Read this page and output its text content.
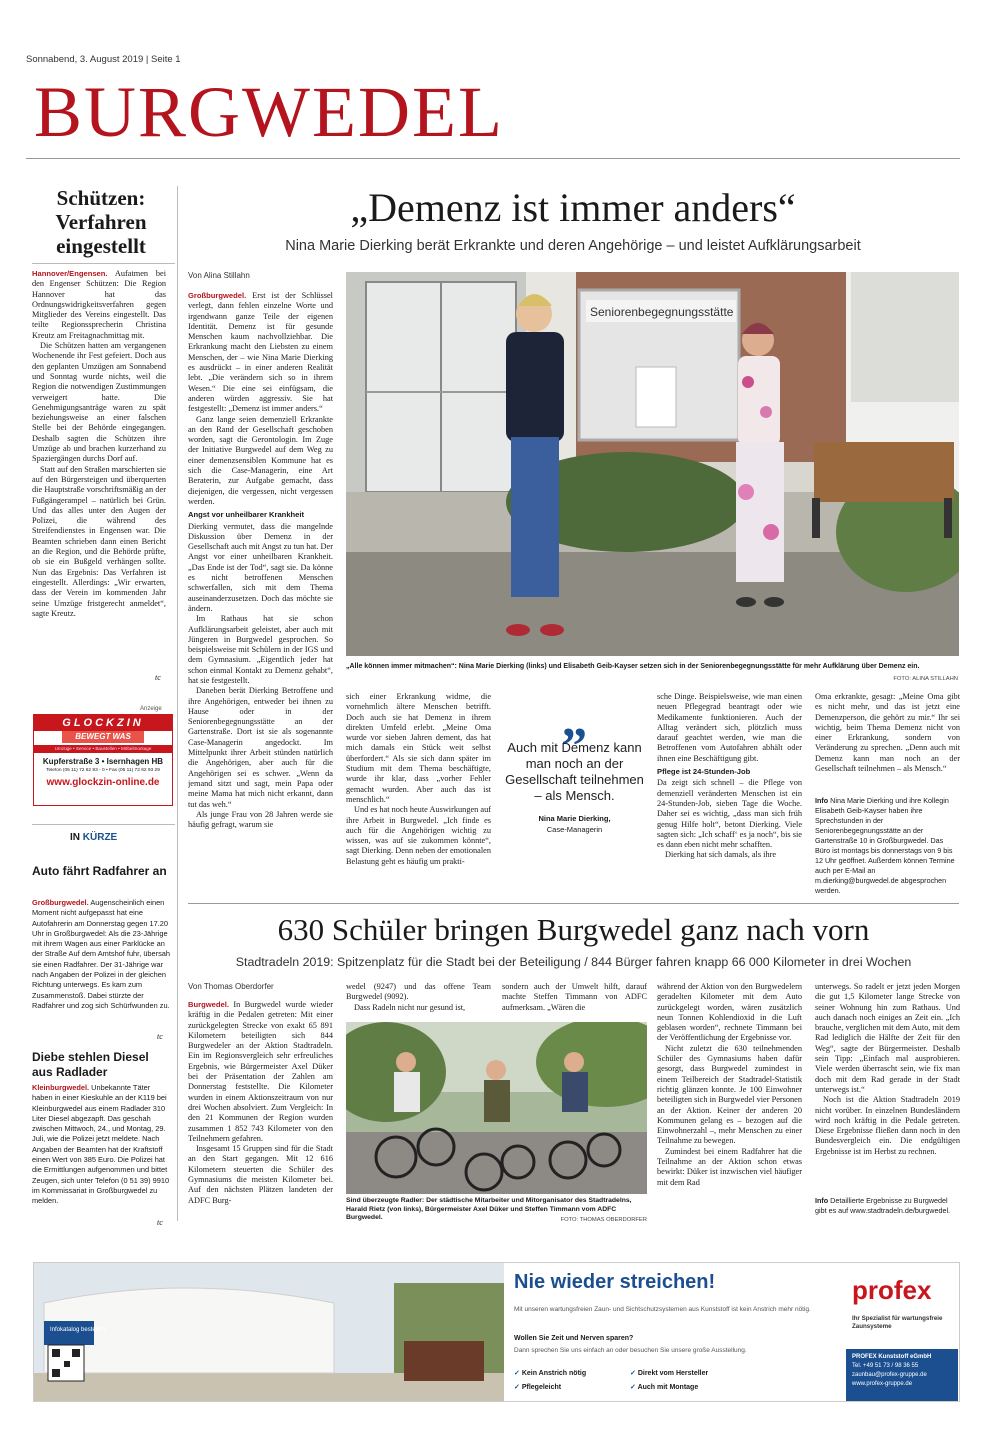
Sonnabend, 3. August 2019 | Seite 1
BURGWEDEL
Schützen: Verfahren eingestellt

Hannover/Engensen. Aufatmen bei den Engenser Schützen: Die Region Hannover hat das Ordnungswidrigkeitsverfahren gegen Mitglieder des Vereins eingestellt. Das teilte Regionssprecherin Christina Kreutz am Freitagnachmittag mit.

Die Schützen hatten am vergangenen Wochenende ihr Fest gefeiert. Doch aus den geplanten Umzügen am Sonnabend und Sonntag wurde nichts, weil die Region die notwendigen Zustimmungen verweigert hatte. Die Genehmigungsanträge waren zu spät beziehungsweise an einer falschen Stelle bei der Behörde eingegangen. Deshalb sagten die Schützen ihre Umzüge ab und brachen kurzerhand zu Spaziergängen durchs Dorf auf.

Statt auf den Straßen marschierten sie auf den Bürgersteigen und überquerten die Hauptstraße vorschriftsmäßig an der Fußgängerampel – natürlich bei Grün. Und das alles unter den Augen der Polizei, die während des Streifendienstes in Engensen war. Die Beamten schrieben dann einen Bericht an die Region, und die Behörde prüfte, ob sie ein Bußgeld verhängen sollte. Nun das Ergebnis: Das Verfahren ist eingestellt. Allerdings: „Wir erwarten, dass der Verein im kommenden Jahr seine Umzüge fristgerecht anmeldet“, sagte Kreutz.

tc
Anzeige
GLOCKZIN
BEWEGT WAS
Umzüge • Service • Baustellen • Möbelmontage
Kupferstraße 3 • Isernhagen HB
Telefon (05 11) 72 62 93 - 0 • Fax (05 11) 72 62 93 29
www.glockzin-online.de
IN KÜRZE
Auto fährt Radfahrer an
Großburgwedel. Augenscheinlich einen Moment nicht aufgepasst hat eine Autofahrerin am Donnerstag gegen 17.20 Uhr in Großburgwedel: Als die 23-Jährige mit ihrem Wagen aus einer Parklücke an der Straße Auf dem Amtshof fuhr, übersah sie einen Radfahrer. Der 31-Jährige war nach Angaben der Polizei in der gleichen Richtung unterwegs. Es kam zum Zusammenstoß. Dabei stürzte der Radfahrer und zog sich Schürfwunden zu.
tc
Diebe stehlen Diesel aus Radlader
Kleinburgwedel. Unbekannte Täter haben in einer Kieskuhle an der K119 bei Kleinburgwedel aus einem Radlader 310 Liter Diesel abgezapft. Das geschah zwischen Mittwoch, 24., und Montag, 29. Juli, wie die Polizei jetzt meldete. Nach Angaben der Beamten hat der Kraftstoff einen Wert von 385 Euro. Die Polizei hat die Ermittlungen aufgenommen und bittet Zeugen, sich unter Telefon (0 51 39) 9910 im Kommissariat in Großburgwedel zu melden.
tc
„Demenz ist immer anders“
Nina Marie Dierking berät Erkrankte und deren Angehörige – und leistet Aufklärungsarbeit
Von Alina Stillahn

Großburgwedel. Erst ist der Schlüssel verlegt, dann fehlen einzelne Worte und irgendwann ganze Teile der eigenen Identität. Demenz ist für gesunde Menschen kaum nachvollziehbar. Die Erkrankung macht den Liebsten zu einem Menschen, der – wie Nina Marie Dierking es ausdrückt – in einer anderen Realität lebt. „Die verändern sich so in ihrem Wesen.“ Die eine sei einfügsam, die anderen würden aggressiv. Sie hat festgestellt: „Demenz ist immer anders.“

Ganz lange seien demenziell Erkrankte an den Rand der Gesellschaft geschoben worden, sagt die Gerontologin. Im Zuge der Initiative Burgwedel auf dem Weg zu einer demenzsensiblen Kommune hat es sich die Case-Managerin, eine Art Beraterin, zur Aufgabe gemacht, dass diejenigen, die vergessen, nicht vergessen werden.

Angst vor unheilbarer Krankheit

Dierking vermutet, dass die mangelnde Diskussion über Demenz in der Gesellschaft auch mit Angst zu tun hat. Der Angst vor einer unheilbaren Krankheit. „Das Ende ist der Tod“, sagt sie. Da könne es nicht betroffenen Menschen schwerfallen, sich mit dem Thema auseinanderzusetzen. Doch das möchte sie ändern.

Im Rathaus hat sie schon Aufklärungsarbeit geleistet, aber auch mit Jüngeren in Burgwedel gesprochen. So beispielsweise mit Schülern in der IGS und dem Gymnasium. „Eigentlich jeder hat schon einmal Kontakt zu Demenz gehabt“, hat sie festgestellt.

Daneben berät Dierking Betroffene und ihre Angehörigen, entweder bei ihnen zu Hause oder in der Seniorenbegegnungsstätte an der Gartenstraße. Dort ist sie als sogenannte Case-Managerin angedockt. Im Mittelpunkt ihrer Arbeit stünden natürlich die Angehörigen, aber auch für die Angehörigen sei es schwer. „Wenn da jemand sitzt und sagt, mein Papa oder meine Mama hat mich nicht erkannt, dann tut das weh.“

Als junge Frau von 28 Jahren werde sie häufig gefragt, warum sie

Seniorenbegegnungsstätte
„Alle können immer mitmachen“: Nina Marie Dierking (links) und Elisabeth Geib-Kayser setzen sich in der Seniorenbegegnungsstätte für mehr Aufklärung über Demenz ein.
FOTO: ALINA STILLAHN

sich einer Erkrankung widme, die vornehmlich ältere Menschen betrifft. Doch auch sie hat Demenz in ihrem direkten Umfeld erlebt. „Meine Oma wurde vor sieben Jahren dement, das hat mich damals ein Stück weit selbst überfordert.“ Als sie sich dann später im Studium mit dem Thema beschäftigte, wurde ihr klar, dass „vorher Fehler gemacht wurden. Aber auch das ist menschlich.“

Und es hat noch heute Auswirkungen auf ihre Arbeit in Burgwedel. „Ich finde es auch für die Angehörigen wichtig zu wissen, was auf sie zukommen könnte“, sagt Dierking. Denn neben der emotionalen Belastung geht es häufig um prakti-

„
Auch mit Demenz kann man noch an der Gesellschaft teilnehmen – als Mensch.
Nina Marie Dierking,
Case-Managerin

sche Dinge. Beispielsweise, wie man einen neuen Pflegegrad beantragt oder wie Medikamente funktionieren. Auch der Alltag verändert sich, plötzlich muss darauf geachtet werden, wie man die Betroffenen vom Autofahren abhält oder ihnen eine Beschäftigung gibt.

Pflege ist 24-Stunden-Job

Da zeigt sich schnell – die Pflege von demenziell veränderten Menschen ist ein 24-Stunden-Job, sieben Tage die Woche. Daher sei es wichtig, „dass man sich früh genug Hilfe holt“, betont Dierking. Viele sagten sich: „Ich schaff‘ es ja noch“, bis sie es dann eben nicht mehr schafften.

Dierking hat sich damals, als ihre

Oma erkrankte, gesagt: „Meine Oma gibt es nicht mehr, und das ist jetzt eine Demenzperson, die gehört zu mir.“ Ihr sei wichtig, beim Thema Demenz nicht von einer Erkrankung, sondern von Veränderung zu sprechen. „Denn auch mit Demenz kann man noch an der Gesellschaft teilnehmen – als Mensch.“

Info Nina Marie Dierking und ihre Kollegin Elisabeth Geib-Kayser haben ihre Sprechstunden in der Seniorenbegegnungsstätte an der Gartenstraße 10 in Großburgwedel. Das Büro ist montags bis donnerstags von 9 bis 12 Uhr geöffnet. Außerdem können Termine auch per E-Mail an m.dierking@burgwedel.de abgesprochen werden.
630 Schüler bringen Burgwedel ganz nach vorn
Stadtradeln 2019: Spitzenplatz für die Stadt bei der Beteiligung / 844 Bürger fahren knapp 66 000 Kilometer in drei Wochen
Von Thomas Oberdorfer

Burgwedel. In Burgwedel wurde wieder kräftig in die Pedalen getreten: Mit einer zurückgelegten Strecke von exakt 65 891 Kilometern beteiligten sich 844 Burgwedeler an der Aktion Stadtradeln. Ein im Regionsvergleich sehr erfreuliches Ergebnis, wie Bürgermeister Axel Düker bei der Präsentation der Zahlen am Donnerstag feststellte. Die Kilometer wurden in einem Aktionszeitraum von nur drei Wochen absolviert. Zum Vergleich: In den 21 Kommunen der Region wurden zusammen 1 852 743 Kilometer von den Teilnehmern gefahren.

Insgesamt 15 Gruppen sind für die Stadt an den Start gegangen. Mit 12 616 Kilometern steuerten die Schüler des Gymnasiums die meisten Kilometer bei. Auf den nächsten Plätzen landeten der ADFC Burg-

wedel (9247) und das offene Team Burgwedel (9092).

Dass Radeln nicht nur gesund ist,

sondern auch der Umwelt hilft, darauf machte Steffen Timmann von ADFC aufmerksam. „Wären die

Sind überzeugte Radler: Der städtische Mitarbeiter und Mitorganisator des Stadtradelns, Harald Rietz (von links), Bürgermeister Axel Düker und Steffen Timmann vom ADFC Burgwedel.	FOTO: THOMAS OBERDORFER

während der Aktion von den Burgwedelern geradelten Kilometer mit dem Auto zurückgelegt worden, wären zusätzlich neun Tonnen Kohlendioxid in die Luft geblasen worden“, rechnete Timmann bei der Veröffentlichung der Ergebnisse vor.

Nicht zuletzt die 630 teilnehmenden Schüler des Gymnasiums haben dafür gesorgt, dass Burgwedel zumindest in einem Teilbereich der Stadtradel-Statistik richtig glänzen konnte. Je 100 Einwohner beteiligten sich in Burgwedel vier Personen an der Aktion. Keiner der anderen 20 Kommunen gelang es – bezogen auf die Einwohnerzahl –, mehr Menschen zu einer Teilnahme zu bewegen.

Zumindest bei einem Radfahrer hat die Teilnahme an der Aktion schon etwas bewirkt: Düker ist inzwischen viel häufiger mit dem Rad

unterwegs. So radelt er jetzt jeden Morgen die gut 1,5 Kilometer lange Strecke von seiner Wohnung hin zum Rathaus. Und auch danach noch einiges an Zeit ein. „Ich brauche, verglichen mit dem Auto, mit dem Rad lediglich die Hälfte der Zeit für den Weg“, sagte der Bürgermeister. Deshalb sein Tipp: „Einfach mal ausprobieren. Viele werden überrascht sein, wie fix man doch mit dem Rad gerade in der Stadt unterwegs ist.“

Noch ist die Aktion Stadtradeln 2019 nicht vorüber. In einzelnen Bundesländern wird noch kräftig in die Pedale getreten. Diese Ergebnisse fließen dann noch in den Bundesvergleich ein. Die endgültigen Ergebnisse ist im Herbst zu rechnen.

Info Detaillierte Ergebnisse zu Burgwedel gibt es auf www.stadtradeln.de/burgwedel.
Infokatalog bestellen
Nie wieder streichen!
Mit unseren wartungsfreien Zaun- und Sichtschutzsystemen aus Kunststoff ist kein Anstrich mehr nötig.
Wollen Sie Zeit und Nerven sparen?
Dann sprechen Sie uns einfach an oder besuchen Sie unsere große Ausstellung.
✓ Kein Anstrich nötig	✓ Direkt vom Hersteller
✓ Pflegeleicht	✓ Auch mit Montage
profex
Ihr Spezialist für wartungsfreie Zaunsysteme
PROFEX Kunststoff eGmbH
Tel. +49 51 73 / 98 36 55
zaunbau@profex-gruppe.de
www.profex-gruppe.de
